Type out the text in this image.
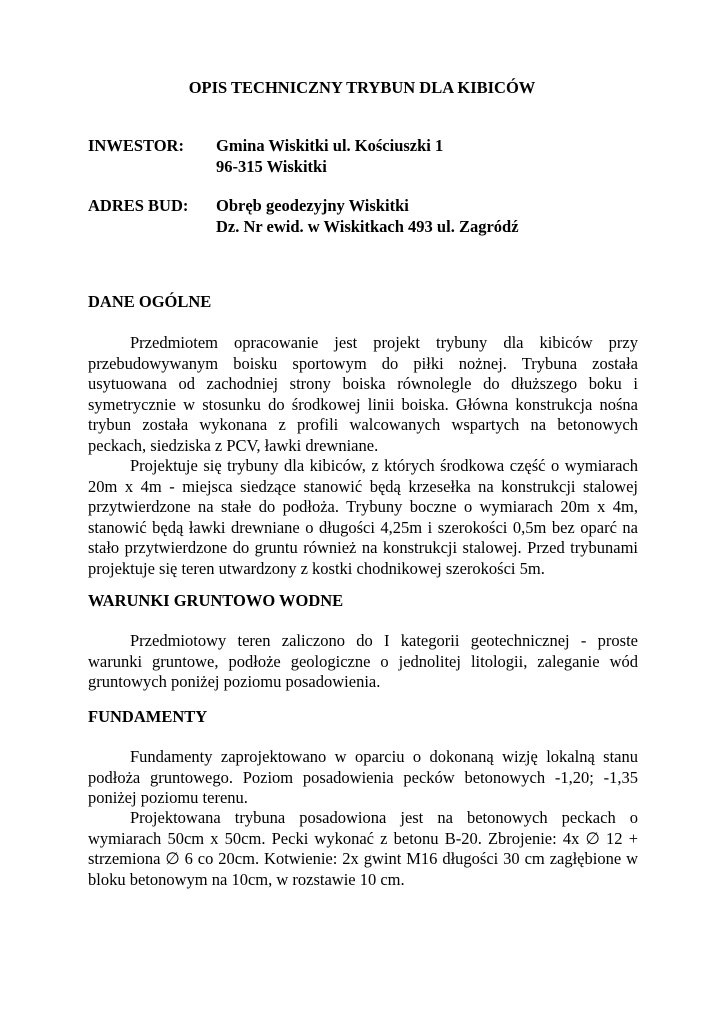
OPIS TECHNICZNY TRYBUN DLA KIBICÓW
INWESTOR: Gmina Wiskitki ul. Kościuszki 1
96-315 Wiskitki
ADRES BUD: Obręb geodezyjny Wiskitki
Dz. Nr ewid. w Wiskitkach 493 ul. Zagródź
DANE OGÓLNE

Przedmiotem opracowanie jest projekt trybuny dla kibiców przy przebudowywanym boisku sportowym do piłki nożnej. Trybuna została usytuowana od zachodniej strony boiska równolegle do dłuższego boku i symetrycznie w stosunku do środkowej linii boiska. Główna konstrukcja nośna trybun została wykonana z profili walcowanych wspartych na betonowych peckach, siedziska z PCV, ławki drewniane.

Projektuje się trybuny dla kibiców, z których środkowa część o wymiarach 20m x 4m - miejsca siedzące stanowić będą krzesełka na konstrukcji stalowej przytwierdzone na stałe do podłoża. Trybuny boczne o wymiarach 20m x 4m, stanowić będą ławki drewniane o długości 4,25m i szerokości 0,5m bez oparć na stało przytwierdzone do gruntu również na konstrukcji stalowej. Przed trybunami projektuje się teren utwardzony z kostki chodnikowej szerokości 5m.

WARUNKI GRUNTOWO WODNE

Przedmiotowy teren zaliczono do I kategorii geotechnicznej - proste warunki gruntowe, podłoże geologiczne o jednolitej litologii, zaleganie wód gruntowych poniżej poziomu posadowienia.

FUNDAMENTY

Fundamenty zaprojektowano w oparciu o dokonaną wizję lokalną stanu podłoża gruntowego. Poziom posadowienia pecków betonowych -1,20; -1,35 poniżej poziomu terenu.

Projektowana trybuna posadowiona jest na betonowych peckach o wymiarach 50cm x 50cm. Pecki wykonać z betonu B-20. Zbrojenie: 4x ∅ 12 + strzemiona ∅ 6 co 20cm. Kotwienie: 2x gwint M16 długości 30 cm zagłębione w bloku betonowym na 10cm, w rozstawie 10 cm.
